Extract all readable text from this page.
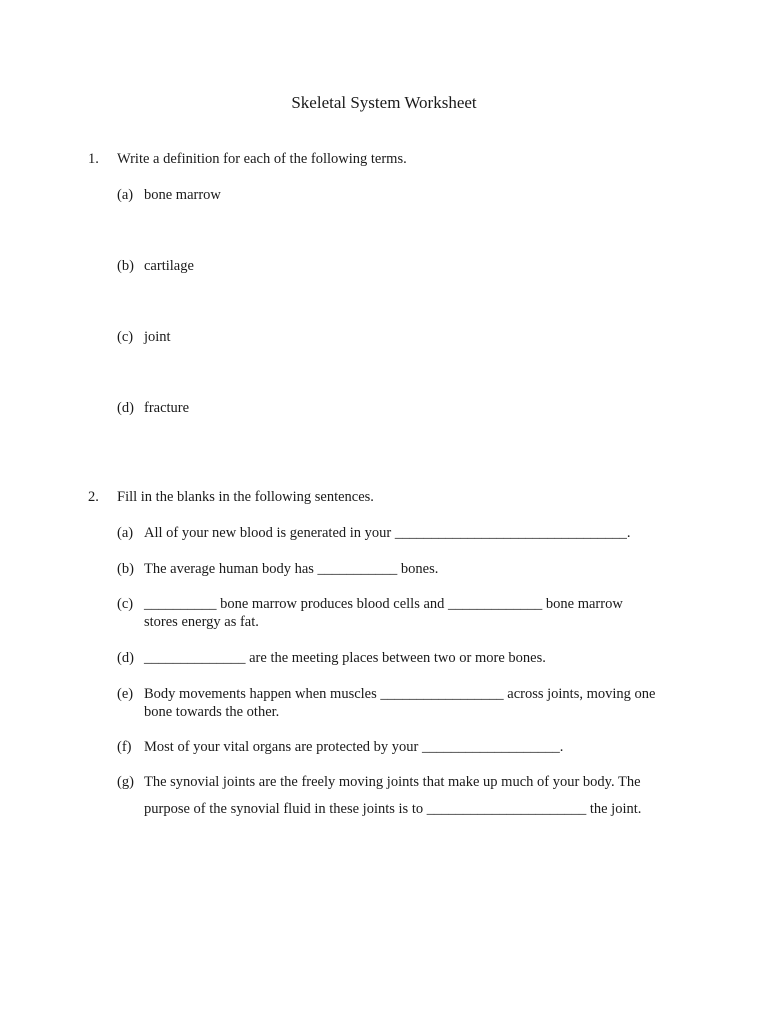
Skeletal System Worksheet
1.	Write a definition for each of the following terms.
(a) bone marrow
(b) cartilage
(c) joint
(d) fracture
2.	Fill in the blanks in the following sentences.
(a) All of your new blood is generated in your ________________________________.
(b) The average human body has ___________ bones.
(c) __________ bone marrow produces blood cells and _____________ bone marrow stores energy as fat.
(d) ______________ are the meeting places between two or more bones.
(e) Body movements happen when muscles _________________ across joints, moving one bone towards the other.
(f) Most of your vital organs are protected by your ___________________.
(g) The synovial joints are the freely moving joints that make up much of your body. The purpose of the synovial fluid in these joints is to ______________________ the joint.
